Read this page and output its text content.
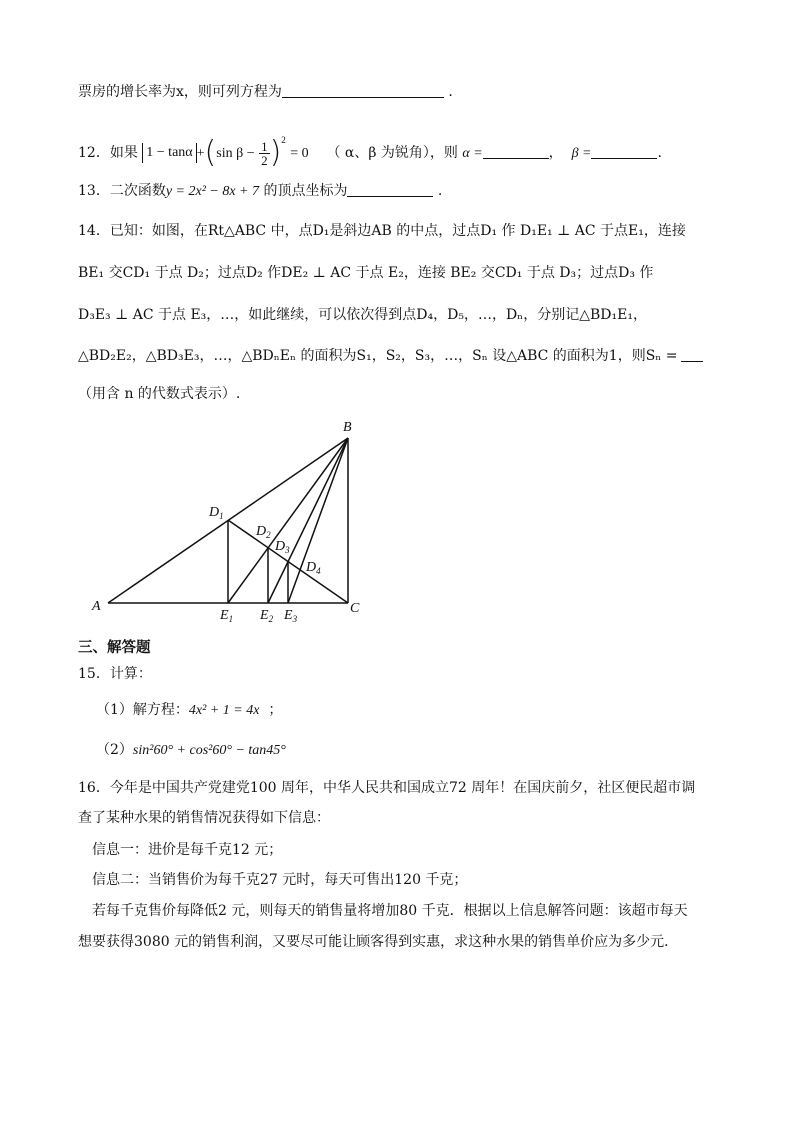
票房的增长率为x，则可列方程为	.
12．如果 1 − tanα +(sin $\beta - \frac{1}{2} )^2 = 0$ （ α、β 为锐角），则 α =	， β =	.
13．二次函数y = 2x² − 8x + 7 的顶点坐标为	.
14．已知：如图，在Rt△ABC 中，点D₁是斜边AB 的中点，过点D₁ 作 D₁E₁ ⊥ AC 于点E₁，连接
BE₁ 交CD₁ 于点 D₂；过点D₂ 作DE₂ ⊥ AC 于点 E₂，连接 BE₂ 交CD₁ 于点 D₃；过点D₃ 作
D₃E₃ ⊥ AC 于点 E₃，…，如此继续，可以依次得到点D₄，D₅，…，Dₙ，分别记△BD₁E₁，
△BD₂E₂，△BD₃E₃，…，△BDₙEₙ 的面积为S₁，S₂，S₃，…，Sₙ 设△ABC 的面积为1，则Sₙ =
（用含 n 的代数式表示）.
A
B
C
$D_1$
$D_2$
$D_3$
$D_4$
$E_1$ $E_2$ $E_3$
三、解答题
15．计算：
（1）解方程：4x² + 1 = 4x ；
（2）sin²60° + cos²60° − tan45°
16．今年是中国共产党建党100 周年，中华人民共和国成立72 周年！在国庆前夕，社区便民超市调
查了某种水果的销售情况获得如下信息：
信息一：进价是每千克12 元；
信息二：当销售价为每千克27 元时，每天可售出120 千克；
若每千克售价每降低2 元，则每天的销售量将增加80 千克．根据以上信息解答问题：该超市每天
想要获得3080 元的销售利润，又要尽可能让顾客得到实惠，求这种水果的销售单价应为多少元．
